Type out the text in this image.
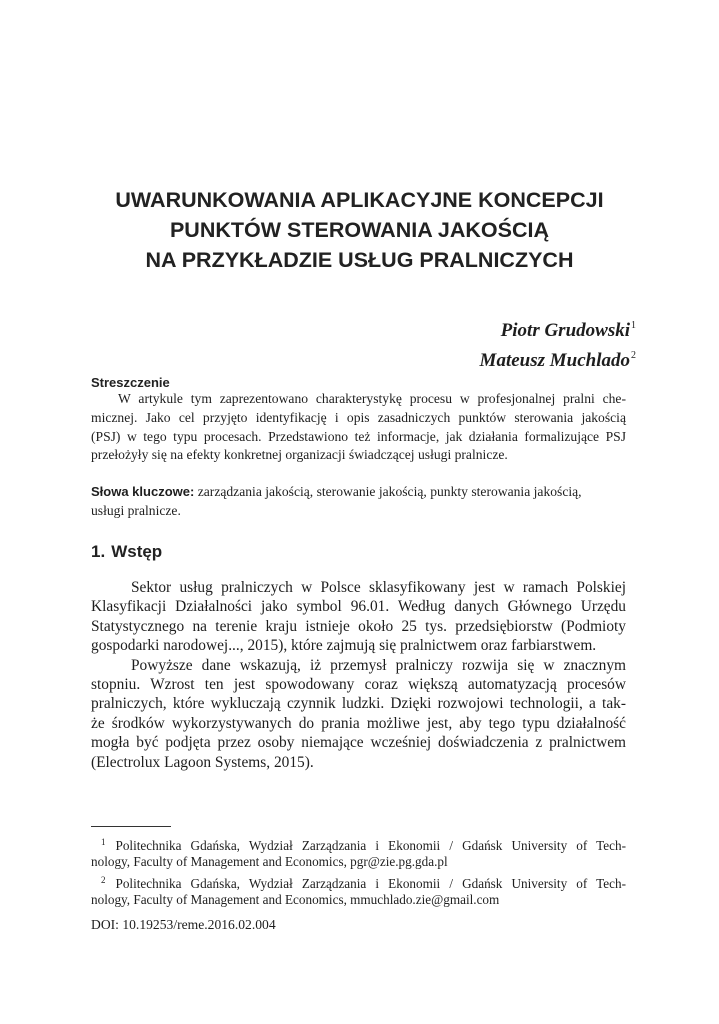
UWARUNKOWANIA APLIKACYJNE KONCEPCJI
PUNKTÓW STEROWANIA JAKOŚCIĄ
NA PRZYKŁADZIE USŁUG PRALNICZYCH
Piotr Grudowski$^1$
Mateusz Muchlado$^2$
Streszczenie
W artykule tym zaprezentowano charakterystykę procesu w profesjonalnej pralni che-
micznej. Jako cel przyjęto identyfikację i opis zasadniczych punktów sterowania jakością
(PSJ) w tego typu procesach. Przedstawiono też informacje, jak działania formalizujące PSJ
przełożyły się na efekty konkretnej organizacji świadczącej usługi pralnicze.
Słowa kluczowe: zarządzania jakością, sterowanie jakością, punkty sterowania jakością,
usługi pralnicze.
1. Wstęp
Sektor usług pralniczych w Polsce sklasyfikowany jest w ramach Polskiej
Klasyfikacji Działalności jako symbol 96.01. Według danych Głównego Urzędu
Statystycznego na terenie kraju istnieje około 25 tys. przedsiębiorstw (Podmioty
gospodarki narodowej..., 2015), które zajmują się pralnictwem oraz farbiarstwem.
Powyższe dane wskazują, iż przemysł pralniczy rozwija się w znacznym
stopniu. Wzrost ten jest spowodowany coraz większą automatyzacją procesów
pralniczych, które wykluczają czynnik ludzki. Dzięki rozwojowi technologii, a tak-
że środków wykorzystywanych do prania możliwe jest, aby tego typu działalność
mogła być podjęta przez osoby niemające wcześniej doświadczenia z pralnictwem
(Electrolux Lagoon Systems, 2015).
$^1$ Politechnika Gdańska, Wydział Zarządzania i Ekonomii / Gdańsk University of Tech-
nology, Faculty of Management and Economics, pgr@zie.pg.gda.pl
$^2$ Politechnika Gdańska, Wydział Zarządzania i Ekonomii / Gdańsk University of Tech-
nology, Faculty of Management and Economics, mmuchlado.zie@gmail.com
DOI: 10.19253/reme.2016.02.004
